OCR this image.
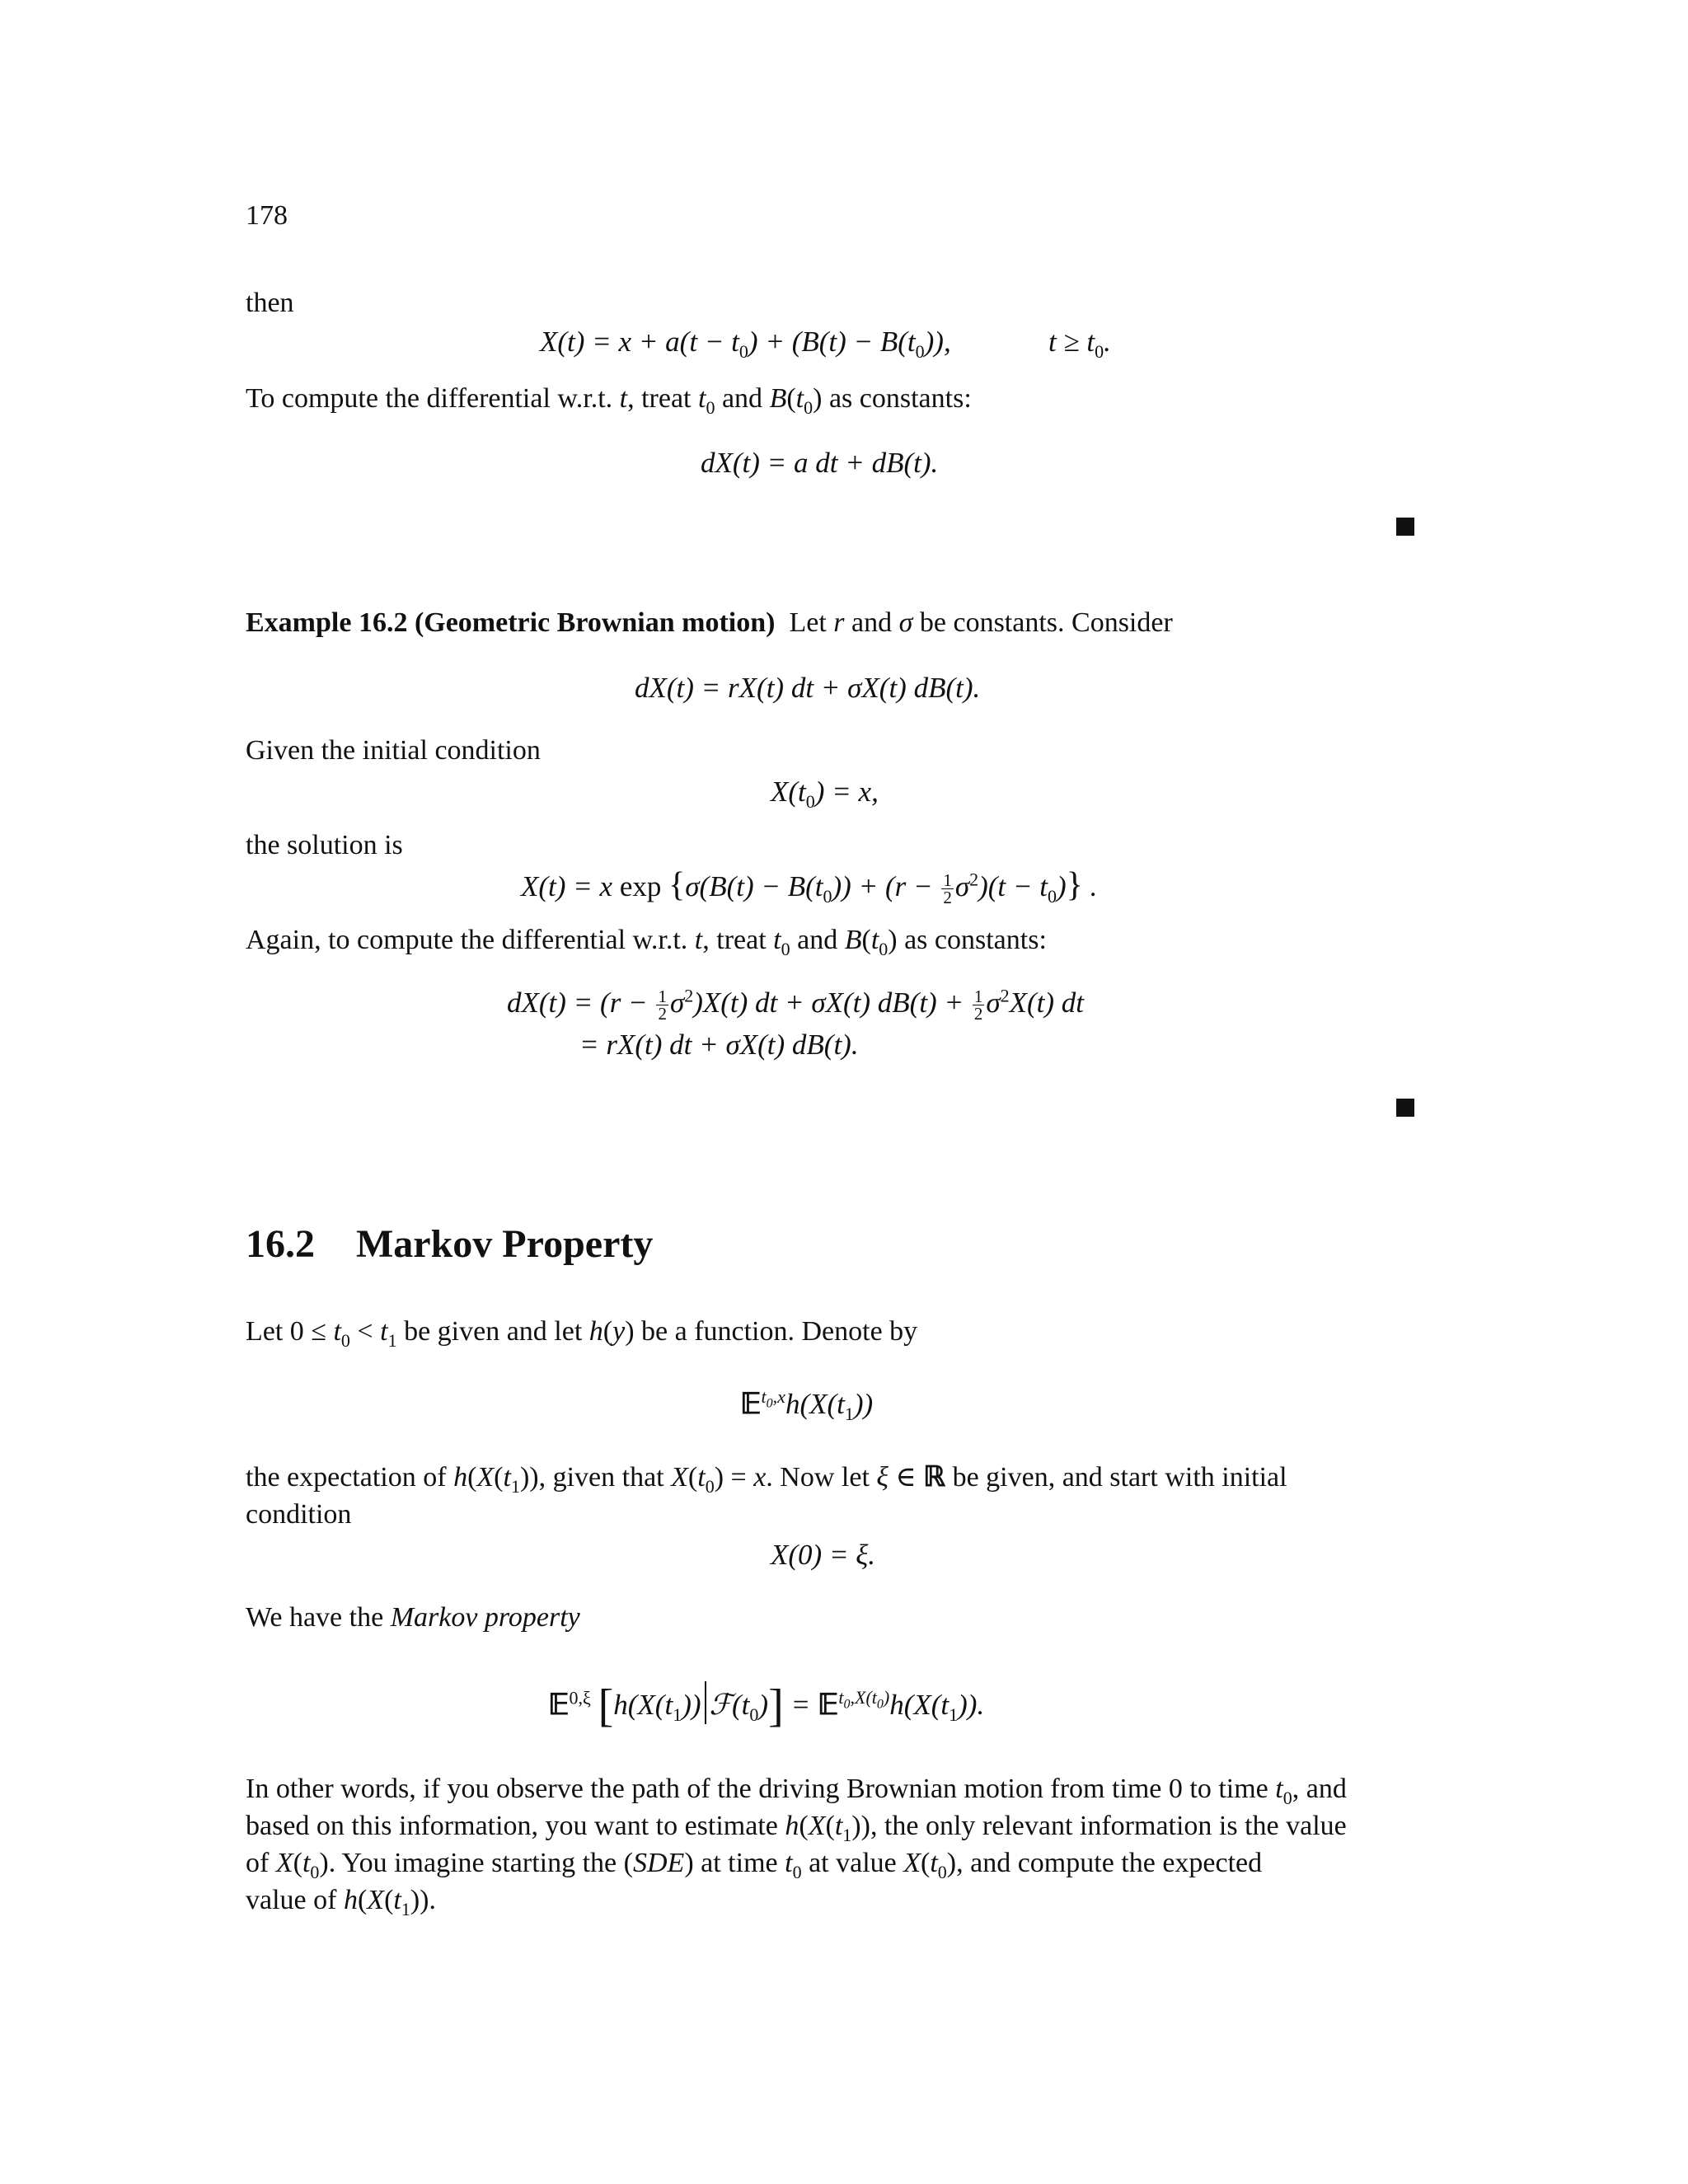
178
then
$X(t) = x + a(t - t_0) + (B(t) - B(t_0))$,	$t \ge t_0$.
To compute the differential w.r.t. t, treat $t_0$ and $B(t_0)$ as constants:
dX(t) = a dt + dB(t).
Example 16.2 (Geometric Brownian motion) Let r and σ be constants. Consider
dX(t) = rX(t) dt + σX(t) dB(t).
Given the initial condition
$X(t_0) = x$,
the solution is
X(t) = x $\exp \{\sigma(B(t) - B(t_0)) + (r - \frac{1}{2} \sigma^2)(t - t_0)\}$ .
Again, to compute the differential w.r.t. t, treat $t_0$ and $B(t_0)$ as constants:
$dX(t) = (r - \frac{1}{2} \sigma^2)X(t)$ dt + σX(t) $dB(t) + \frac{1}{2} \sigma^2X(t)$ dt
= rX(t) dt + σX(t) dB(t).
16.2 Markov Property
Let $0 \le t_0 < t_1$ be given and let h(y) be a function. Denote by
$𝔼^{t_0,x}h(X(t_1))$
the expectation of $h(X(t_1))$, given that $X(t_0) = x$. Now let ξ ∈ ℝ be given, and start with initial
condition
X(0) = ξ.
We have the Markov property
𝔼$^{0,\xi}$ [$h(X(t_1))$ $ℱ(t_0)$] = $𝔼^{t_0,X(t_0)}h(X(t_1))$.
In other words, if you observe the path of the driving Brownian motion from time 0 to time $t_0$, and
based on this information, you want to estimate $h(X(t_1))$, the only relevant information is the value
of $X(t_0)$. You imagine starting the (SDE) at time $t_0$ at value $X(t_0)$, and compute the expected
value of $h(X(t_1))$.
